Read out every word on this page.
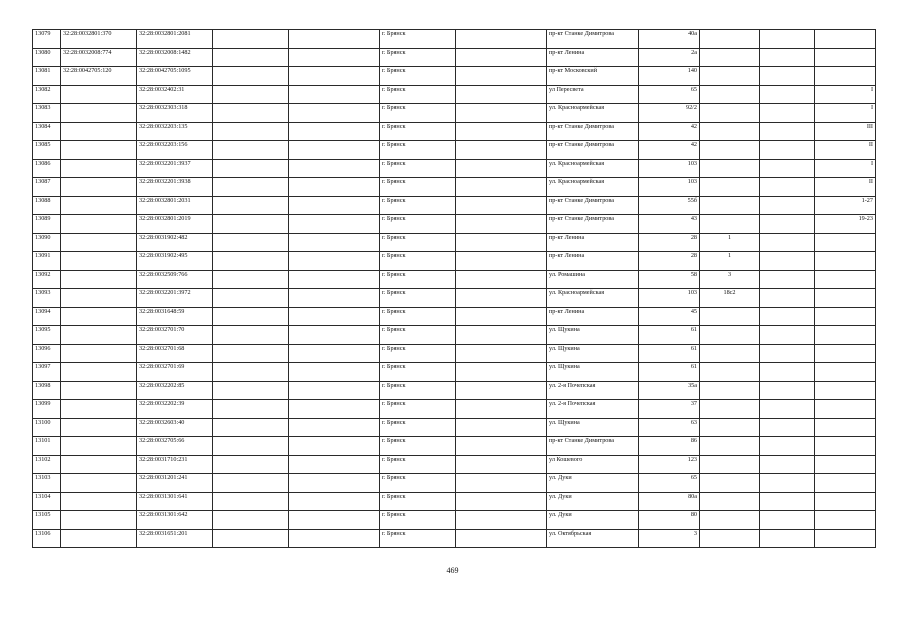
13079	32:28:0032801:370	32:28:0032801:2081			г. Брянск		пр-кт Станке Димитрова	40а			
13080	32:28:0032008:774	32:28:0032008:1482			г. Брянск		пр-кт Ленина	2а			
13081	32:28:0042705:120	32:28:0042705:1095			г. Брянск		пр-кт Московский	140			
13082		32:28:0032402:31			г. Брянск		ул Пересвета	65			I
13083		32:28:0032303:318			г. Брянск		ул. Красноармейская	92/2			I
13084		32:28:0032203:135			г. Брянск		пр-кт Станке Димитрова	42			III
13085		32:28:0032203:156			г. Брянск		пр-кт Станке Димитрова	42			II
13086		32:28:0032201:3937			г. Брянск		ул. Красноармейская	103			I
13087		32:28:0032201:3938			г. Брянск		ул. Красноармейская	103			II
13088		32:28:0032801:2031			г. Брянск		пр-кт Станке Димитрова	55б			1-27
13089		32:28:0032801:2019			г. Брянск		пр-кт Станке Димитрова	43			19-23
13090		32:28:0031902:482			г. Брянск		пр-кт Ленина	28	1		
13091		32:28:0031902:495			г. Брянск		пр-кт Ленина	28	1		
13092		32:28:0032509:766			г. Брянск		ул. Ромашина	58	3		
13093		32:28:0032201:3972			г. Брянск		ул. Красноармейская	103	18с2		
13094		32:28:0031648:59			г. Брянск		пр-кт Ленина	45			
13095		32:28:0032701:70			г. Брянск		ул. Щукина	61			
13096		32:28:0032701:68			г. Брянск		ул. Щукина	61			
13097		32:28:0032701:69			г. Брянск		ул. Щукина	61			
13098		32:28:0032202:85			г. Брянск		ул. 2-я Почепская	35а			
13099		32:28:0032202:39			г. Брянск		ул. 2-я Почепская	37			
13100		32:28:0032603:40			г. Брянск		ул. Щукина	63			
13101		32:28:0032705:66			г. Брянск		пр-кт Станке Димитрова	86			
13102		32:28:0031710:231			г. Брянск		ул Кошевого	123			
13103		32:28:0031201:241			г. Брянск		ул. Дуки	65			
13104		32:28:0031301:641			г. Брянск		ул. Дуки	80а			
13105		32:28:0031301:642			г. Брянск		ул. Дуки	80			
13106		32:28:0031651:201			г. Брянск		ул. Октябрьская	3			
469
